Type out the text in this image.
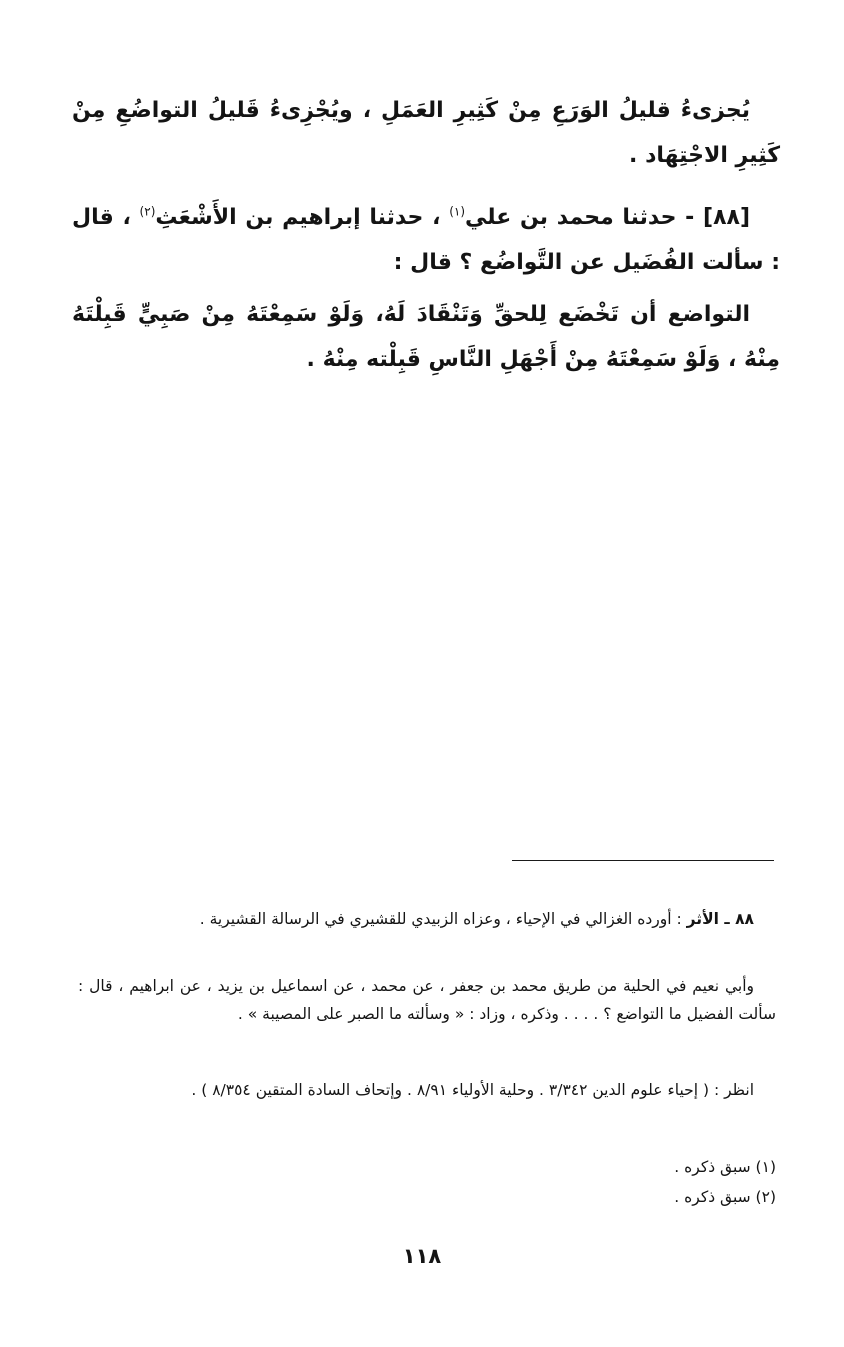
يُجزىءُ قليلُ الوَرَعِ مِنْ كَثِيرِ العَمَلِ ، ويُجْزِىءُ قَليلُ التواضُعِ مِنْ كَثِيرِ الاجْتِهَاد .

[٨٨] - حدثنا محمد بن علي$^{(١)}$ ، حدثنا إبراهيم بن الأَشْعَثِ$^{(٢)}$ ، قال : سألت الفُضَيل عن التَّواضُع ؟ قال :

التواضع أن تَخْضَع لِلحقِّ وَتَنْقَادَ لَهُ، وَلَوْ سَمِعْتَهُ مِنْ صَبِيٍّ قَبِلْتَهُ مِنْهُ ، وَلَوْ سَمِعْتَهُ مِنْ أَجْهَلِ النَّاسِ قَبِلْته مِنْهُ .

٨٨ ـ الأثر : أورده الغزالي في الإحياء ، وعزاه الزبيدي للقشيري في الرسالة القشيرية .

وأبي نعيم في الحلية من طريق محمد بن جعفر ، عن محمد ، عن اسماعيل بن يزيد ، عن ابراهيم ، قال : سألت الفضيل ما التواضع ؟ . . . . وذكره ، وزاد : « وسألته ما الصبر على المصيبة » .

انظر : ( إحياء علوم الدين ٣/٣٤٢ . وحلية الأولياء ٨/٩١ . وإتحاف السادة المتقين ٨/٣٥٤ ) .

(١) سبق ذكره .

(٢) سبق ذكره .

١١٨
